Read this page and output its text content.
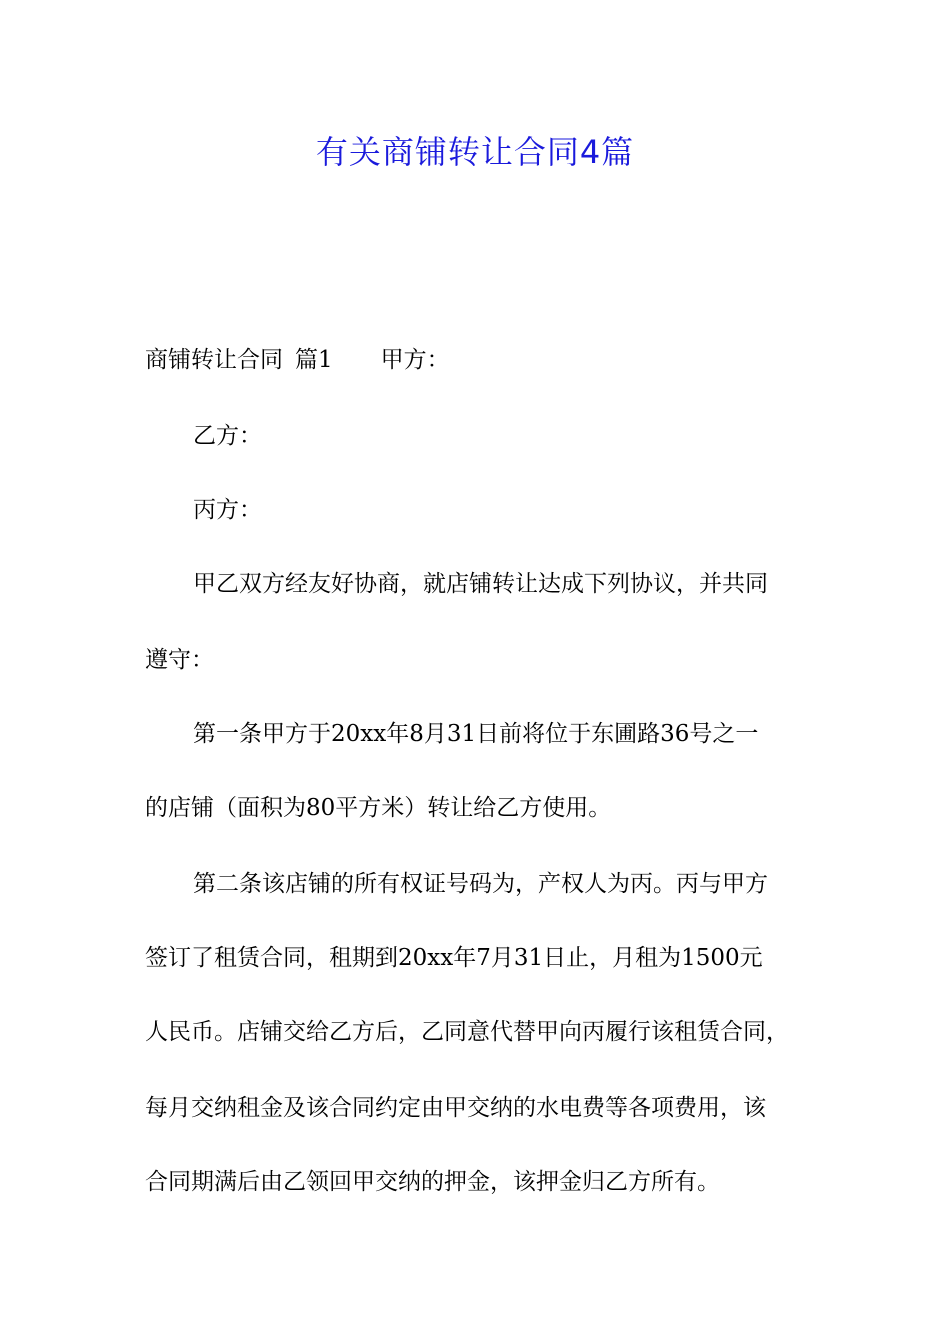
有关商铺转让合同4篇
商铺转让合同 篇1 甲方：
乙方：
丙方：
甲乙双方经友好协商，就店铺转让达成下列协议，并共同
遵守：
第一条甲方于20xx年8月31日前将位于东圃路36号之一
的店铺（面积为80平方米）转让给乙方使用。
第二条该店铺的所有权证号码为，产权人为丙。丙与甲方
签订了租赁合同，租期到20xx年7月31日止，月租为1500元
人民币。店铺交给乙方后，乙同意代替甲向丙履行该租赁合同，
每月交纳租金及该合同约定由甲交纳的水电费等各项费用，该
合同期满后由乙领回甲交纳的押金，该押金归乙方所有。
